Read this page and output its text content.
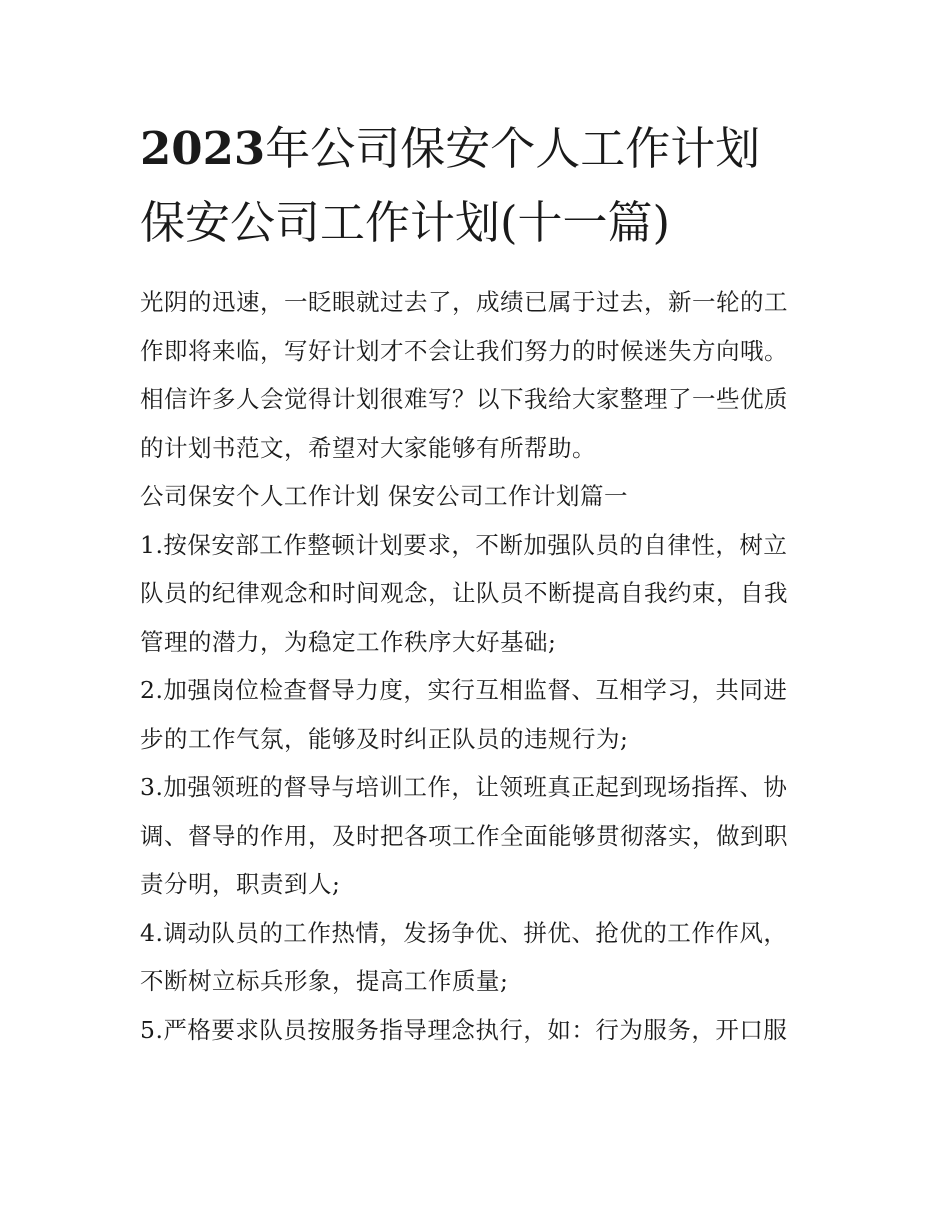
2023年公司保安个人工作计划
保安公司工作计划(十一篇)
光阴的迅速，一眨眼就过去了，成绩已属于过去，新一轮的工
作即将来临，写好计划才不会让我们努力的时候迷失方向哦。
相信许多人会觉得计划很难写？以下我给大家整理了一些优质
的计划书范文，希望对大家能够有所帮助。
公司保安个人工作计划 保安公司工作计划篇一
1.按保安部工作整顿计划要求，不断加强队员的自律性，树立
队员的纪律观念和时间观念，让队员不断提高自我约束，自我
管理的潜力，为稳定工作秩序大好基础;
2.加强岗位检查督导力度，实行互相监督、互相学习，共同进
步的工作气氛，能够及时纠正队员的违规行为;
3.加强领班的督导与培训工作，让领班真正起到现场指挥、协
调、督导的作用，及时把各项工作全面能够贯彻落实，做到职
责分明，职责到人;
4.调动队员的工作热情，发扬争优、拼优、抢优的工作作风，
不断树立标兵形象，提高工作质量;
5.严格要求队员按服务指导理念执行，如：行为服务，开口服
